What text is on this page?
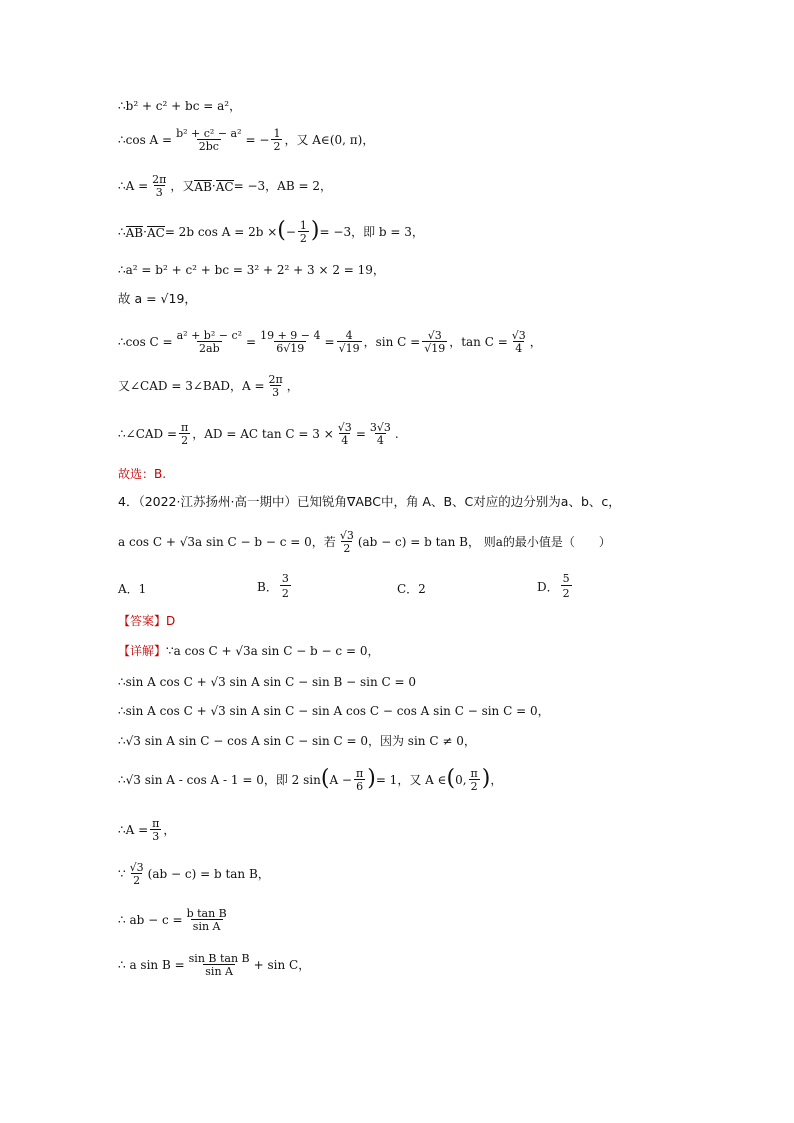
∴b² + c² + bc = a²，
∴cos $A = \frac{\text{b² + c² − a²}}{2bc}$ = − $\frac{1}{2}$ ，又 A∈(0, π)，
∴A = $\frac{2\pi}{3}$ ，又 AB · AC = −3，AB = 2，
∴ AB · AC = 2b cos A = 2b × ( − $\frac{1}{2}$ ) = −3，即 b = 3，
∴a² = b² + c² + bc = 3² + 2² + 3 × 2 = 19，
故 a = √19，
∴cos $C = \frac{\text{a² + b² − c²}}{2ab} = \frac{19 + 9 - 4}{6√19} = \frac{4}{√19}$ ，$\sin C = \frac{√3}{√19}$ ，$\tan C = \frac{√3}{4}$ ，
又∠CAD = 3∠BAD，$A = \frac{2\pi}{3}$ ，
∴∠CAD = $\frac{\pi}{2}$ ，AD = AC $\tan C = 3 \times \frac{√3}{4} = \frac{3√3}{4}$ .
故选：B.
4．（2022·江苏扬州·高一期中）已知锐角∇ABC中，角 A、B、C对应的边分别为a、b、c，
a cos C + √3a sin C − b − c = 0，若 $\frac{√3}{2} (ab - c) = b$ tan B， 则a的最小值是（　　）
A．1	B． $\frac{3}{2}$	C．2	D． $\frac{5}{2}$
【答案】D
【详解】 ∵a cos C + √3a sin C − b − c = 0，
∴sin A cos C + √3 sin A sin C − sin B − sin C = 0
∴sin A cos C + √3 sin A sin C − sin A cos C − cos A sin C − sin C = 0，
∴√3 sin A sin C − cos A sin C − sin C = 0，因为 sin C ≠ 0，
∴√3 sin A - cos A - 1 = 0，即 2 sin ( $A - \frac{\pi}{6}$ ) = 1，又 A ∈ ( 0, $\frac{\pi}{2}$ ) ，
∴A = $\frac{\pi}{3}$ ，
∵ $\frac{√3}{2} (ab - c) = b$ tan B，
∴ ab − $c = \frac{\text{b tan B}}{\text{sin A}}$
∴ a $\sin B = \frac{\text{sin B tan B}}{\text{sin A}} + \sin C$，
